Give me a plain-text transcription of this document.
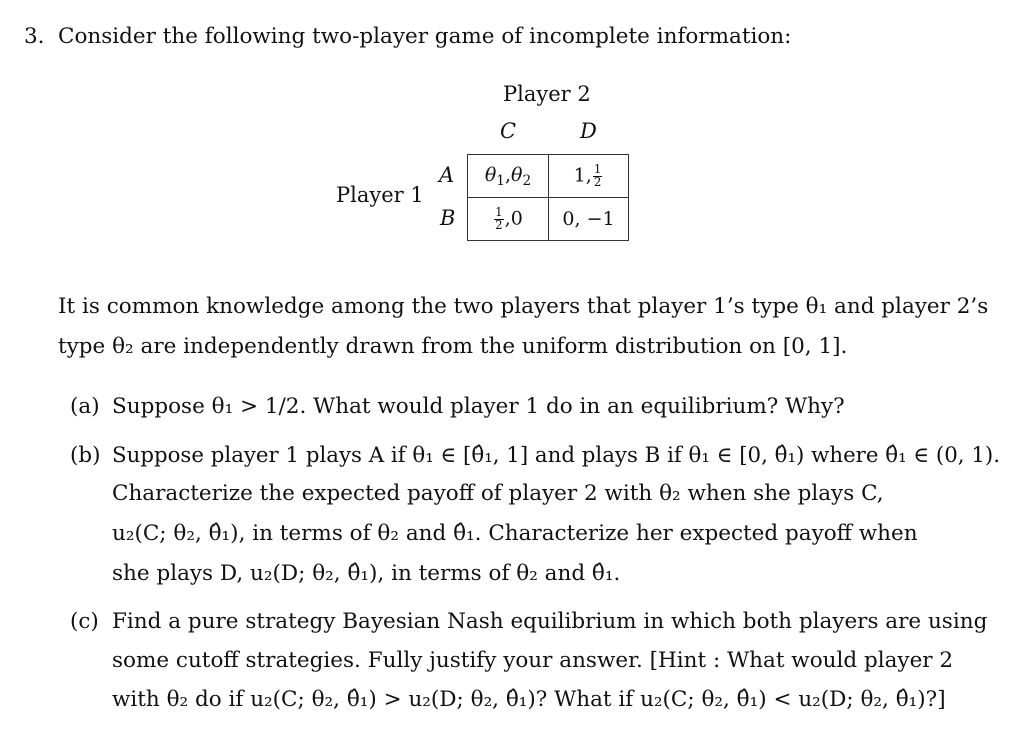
3. Consider the following two-player game of incomplete information:
Player 2
C	D
Player 1
A
B
$\theta_1,\theta_2$ 1, $\frac{1}{2}$
$\frac{1}{2} ,0$ 0, −1
It is common knowledge among the two players that player 1’s type θ₁ and player 2’s
type θ₂ are independently drawn from the uniform distribution on [0, 1].
(a) Suppose θ₁ > 1/2. What would player 1 do in an equilibrium? Why?
(b) Suppose player 1 plays A if θ₁ ∈ [θ̂₁, 1] and plays B if θ₁ ∈ [0, θ̂₁) where θ̂₁ ∈ (0, 1).
Characterize the expected payoff of player 2 with θ₂ when she plays C,
u₂(C; θ₂, θ̂₁), in terms of θ₂ and θ̂₁. Characterize her expected payoff when
she plays D, u₂(D; θ₂, θ̂₁), in terms of θ₂ and θ̂₁.
(c) Find a pure strategy Bayesian Nash equilibrium in which both players are using
some cutoff strategies. Fully justify your answer. [Hint : What would player 2
with θ₂ do if u₂(C; θ₂, θ̂₁) > u₂(D; θ₂, θ̂₁)? What if u₂(C; θ₂, θ̂₁) < u₂(D; θ₂, θ̂₁)?]
